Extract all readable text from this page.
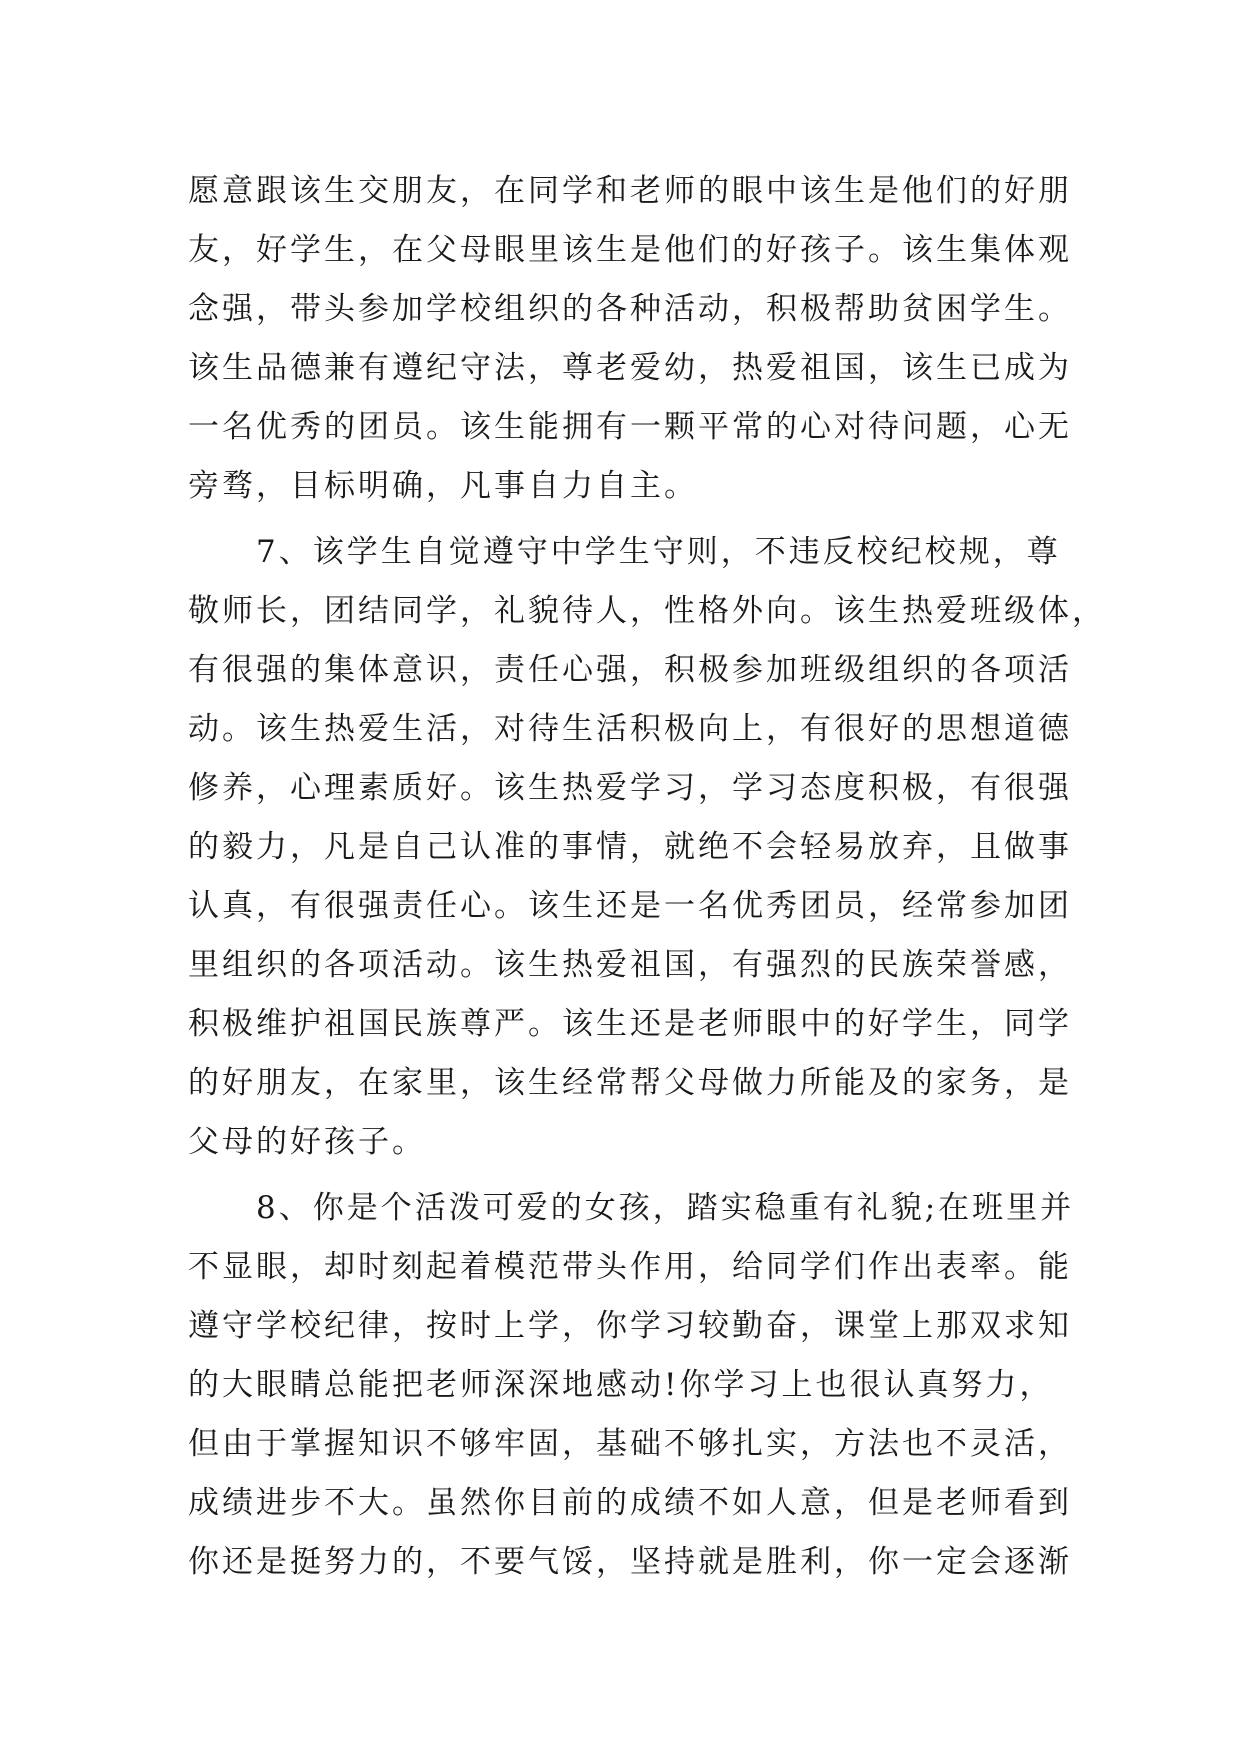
愿意跟该生交朋友，在同学和老师的眼中该生是他们的好朋
友，好学生，在父母眼里该生是他们的好孩子。该生集体观
念强，带头参加学校组织的各种活动，积极帮助贫困学生。
该生品德兼有遵纪守法，尊老爱幼，热爱祖国，该生已成为
一名优秀的团员。该生能拥有一颗平常的心对待问题，心无
旁骛，目标明确，凡事自力自主。
　　7、该学生自觉遵守中学生守则，不违反校纪校规，尊
敬师长，团结同学，礼貌待人，性格外向。该生热爱班级体，
有很强的集体意识，责任心强，积极参加班级组织的各项活
动。该生热爱生活，对待生活积极向上，有很好的思想道德
修养，心理素质好。该生热爱学习，学习态度积极，有很强
的毅力，凡是自己认准的事情，就绝不会轻易放弃，且做事
认真，有很强责任心。该生还是一名优秀团员，经常参加团
里组织的各项活动。该生热爱祖国，有强烈的民族荣誉感，
积极维护祖国民族尊严。该生还是老师眼中的好学生，同学
的好朋友，在家里，该生经常帮父母做力所能及的家务，是
父母的好孩子。
　　8、你是个活泼可爱的女孩，踏实稳重有礼貌;在班里并
不显眼，却时刻起着模范带头作用，给同学们作出表率。能
遵守学校纪律，按时上学，你学习较勤奋，课堂上那双求知
的大眼睛总能把老师深深地感动!你学习上也很认真努力，
但由于掌握知识不够牢固，基础不够扎实，方法也不灵活，
成绩进步不大。虽然你目前的成绩不如人意，但是老师看到
你还是挺努力的，不要气馁，坚持就是胜利，你一定会逐渐
